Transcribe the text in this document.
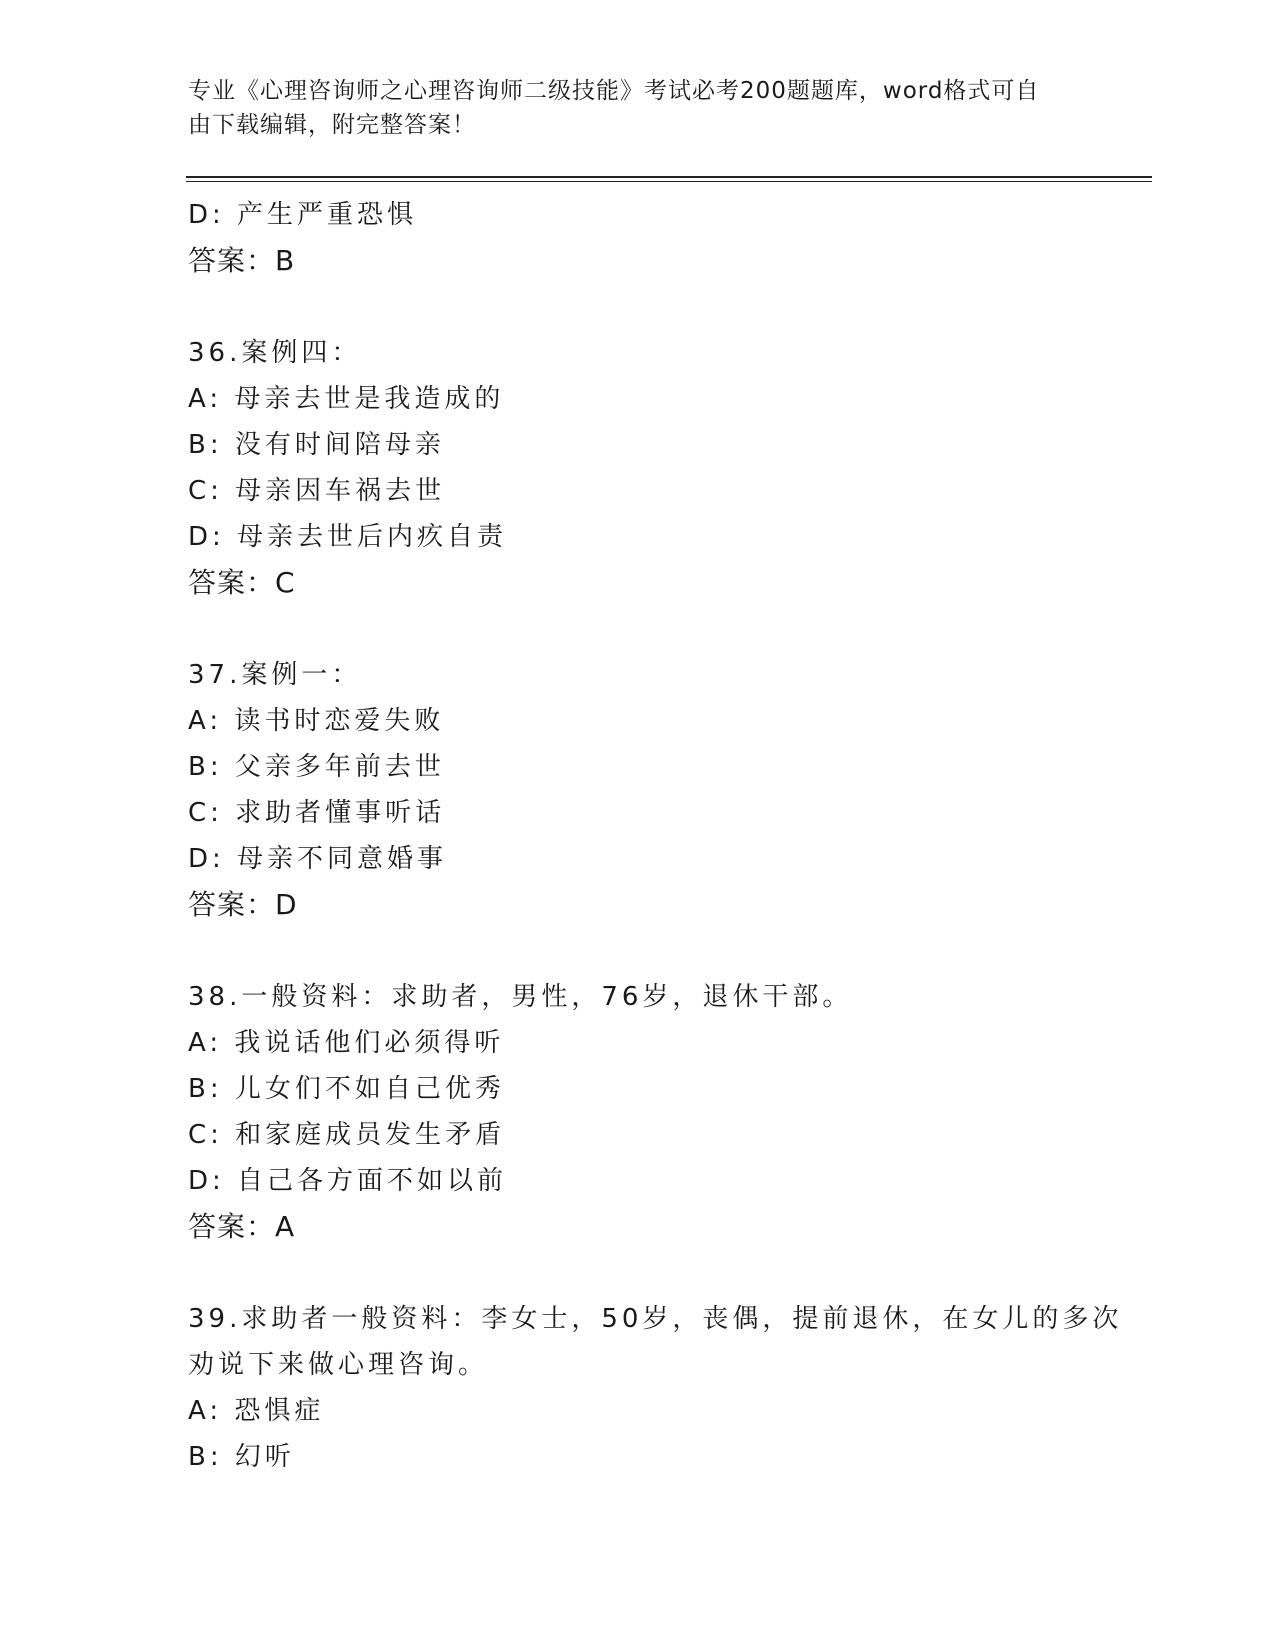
专业《心理咨询师之心理咨询师二级技能》考试必考200题题库，word格式可自
由下载编辑，附完整答案！
D: 产生严重恐惧
答案：B
36.案例四：
A: 母亲去世是我造成的
B: 没有时间陪母亲
C: 母亲因车祸去世
D: 母亲去世后内疚自责
答案：C
37.案例一：
A: 读书时恋爱失败
B: 父亲多年前去世
C: 求助者懂事听话
D: 母亲不同意婚事
答案：D
38.一般资料：求助者，男性，76岁，退休干部。
A: 我说话他们必须得听
B: 儿女们不如自己优秀
C: 和家庭成员发生矛盾
D: 自己各方面不如以前
答案：A
39.求助者一般资料：李女士，50岁，丧偶，提前退休，在女儿的多次
劝说下来做心理咨询。
A: 恐惧症
B: 幻听
